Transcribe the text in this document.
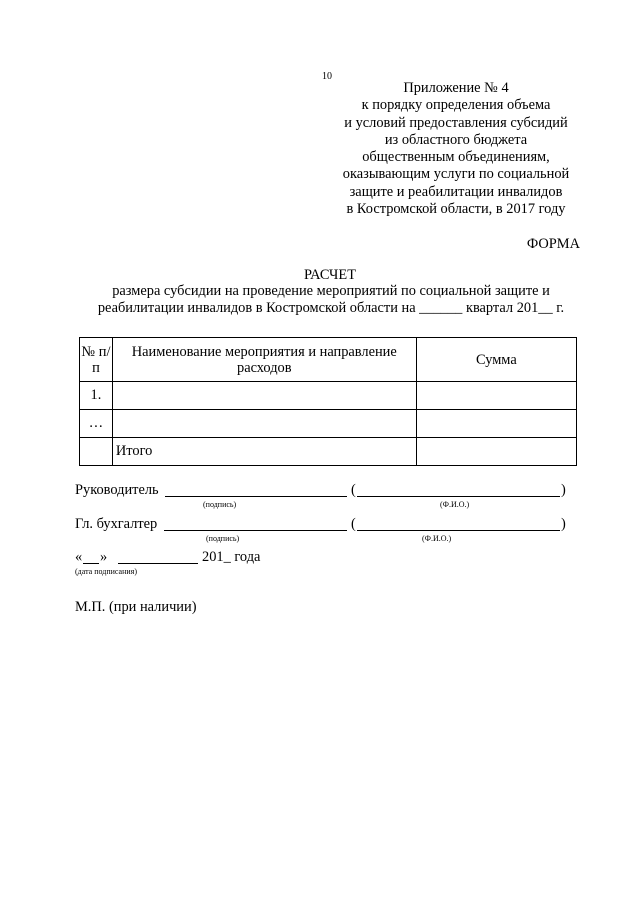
10
Приложение № 4
к порядку определения объема
и условий предоставления субсидий
из областного бюджета
общественным объединениям,
оказывающим услуги по социальной
защите и реабилитации инвалидов
в Костромской области, в 2017 году
ФОРМА
РАСЧЕТ
размера субсидии на проведение мероприятий по социальной защите и
реабилитации инвалидов в Костромской области на ______ квартал 201__ г.
№ п/п	Наименование мероприятия и направление расходов	Сумма
1.		
…		
	Итого	
Руководитель	(	)
(подпись)	(Ф.И.О.)
Гл. бухгалтер	(	)
(подпись)	(Ф.И.О.)
« »	201_ года
(дата подписания)
М.П. (при наличии)
